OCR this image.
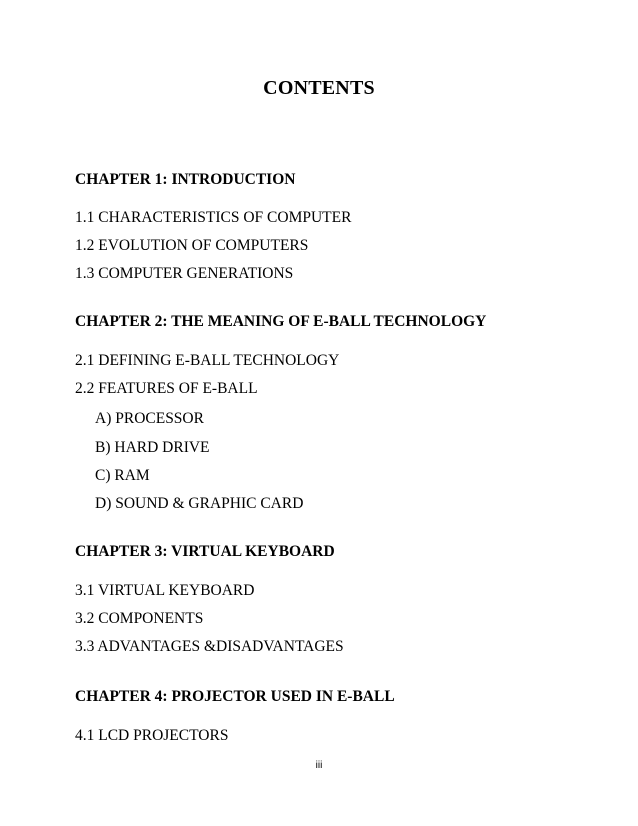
CONTENTS
CHAPTER 1: INTRODUCTION
1.1 CHARACTERISTICS OF COMPUTER
1.2 EVOLUTION OF COMPUTERS
1.3 COMPUTER GENERATIONS
CHAPTER 2: THE MEANING OF E-BALL TECHNOLOGY
2.1 DEFINING E-BALL TECHNOLOGY
2.2 FEATURES OF E-BALL
A) PROCESSOR
B) HARD DRIVE
C) RAM
D) SOUND & GRAPHIC CARD
CHAPTER 3: VIRTUAL KEYBOARD
3.1 VIRTUAL KEYBOARD
3.2 COMPONENTS
3.3 ADVANTAGES &DISADVANTAGES
CHAPTER 4: PROJECTOR USED IN E-BALL
4.1 LCD PROJECTORS
iii
